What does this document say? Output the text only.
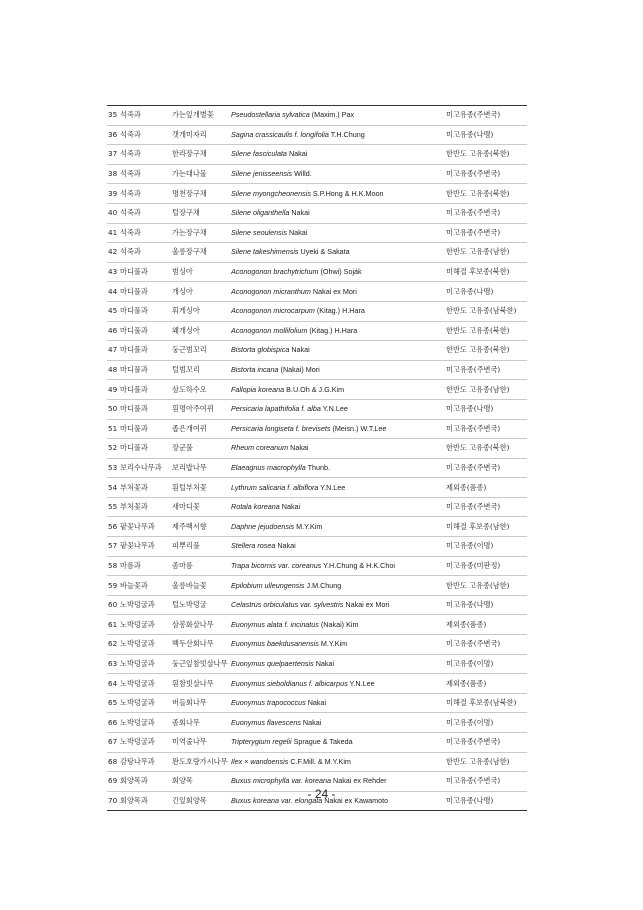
35	석죽과	가는잎개별꽃	Pseudostellaria sylvatica (Maxim.) Pax	미고유종(주변국)
36	석죽과	갯개미자리	Sagina crassicaulis f. longifolia T.H.Chung	미고유종(나맹)
37	석죽과	한라장구채	Silene fasciculata Nakai	한반도 고유종(북한)
38	석죽과	가는대나물	Silene jenisseensis Willd.	미고유종(주변국)
39	석죽과	명천장구채	Silene myongcheonensis S.P.Hong & H.K.Moon	한반도 고유종(북한)
40	석죽과	털장구채	Silene oliganthella Nakai	미고유종(주변국)
41	석죽과	가는장구채	Silene seoulensis Nakai	미고유종(주변국)
42	석죽과	울릉장구채	Silene takeshimensis Uyeki & Sakata	한반도 고유종(남한)
43	마디풀과	범싱아	Aconogonon brachytrichum (Ohwi) Soják	미해결 후보종(북한)
44	마디풀과	개싱아	Aconogonon micranthum Nakai ex Mori	미고유종(나맹)
45	마디풀과	휘게싱아	Aconogonon microcarpum (Kitag.) H.Hara	한반도 고유종(남북한)
46	마디풀과	왜개싱아	Aconogonon mollifolium (Kitag.) H.Hara	한반도 고유종(북한)
47	마디풀과	둥근범꼬리	Bistorta globispica Nakai	한반도 고유종(북한)
48	마디풀과	털범꼬리	Bistorta incana (Nakai) Mori	미고유종(주변국)
49	마디풀과	삼도하수오	Fallopia koreana B.U.Oh & J.G.Kim	한반도 고유종(남한)
50	마디풀과	흰명아주여뀌	Persicaria lapathifolia f. alba Y.N.Lee	미고유종(나맹)
51	마디풀과	좁은개여뀌	Persicaria longiseta f. brevisets (Meisn.) W.T.Lee	미고유종(주변국)
52	마디풀과	장군풀	Rheum coreanum Nakai	한반도 고유종(북한)
53	보리수나무과	보리밥나무	Elaeagnus macrophylla Thunb.	미고유종(주변국)
54	부처꽃과	흰털부처꽃	Lythrum salicaria f. albiflora Y.N.Lee	제외종(품종)
55	부처꽃과	새마디꽃	Rotala koreana Nakai	미고유종(주변국)
56	팥꽃나무과	제주백서향	Daphne jejudoensis M.Y.Kim	미해결 후보종(남한)
57	팥꽃나무과	피뿌리풀	Stellera rosea Nakai	미고유종(이명)
58	마름과	좀마름	Trapa bicornis var. coreanus Y.H.Chung & H.K.Choi	미고유종(미판정)
59	바늘꽃과	울릉바늘꽃	Epilobium ulleungensis J.M.Chung	한반도 고유종(남한)
60	노박덩굴과	털노박덩굴	Celastrus orbiculatus var. sylvestris Nakai ex Mori	미고유종(나맹)
61	노박덩굴과	삼봉화살나무	Euonymus alata f. incinatus (Nakai) Kim	제외종(품종)
62	노박덩굴과	백두산회나무	Euonymus baekdusanensis M.Y.Kim	미고유종(주변국)
63	노박덩굴과	둥근잎참빗살나무	Euonymus quelpaertensis Nakai	미고유종(이명)
64	노박덩굴과	흰참빗살나무	Euonymus sieboldianus f. albicarpus Y.N.Lee	제외종(품종)
65	노박덩굴과	버들회나무	Euonymus trapococcus Nakai	미해결 후보종(남북한)
66	노박덩굴과	좀회나무	Euonymus flavescens Nakai	미고유종(이명)
67	노박덩굴과	미역줄나무	Tripterygium regelii Sprague & Takeda	미고유종(주변국)
68	감탕나무과	완도호랑가시나무	Ilex × wandoensis C.F.Mill. & M.Y.Kim	한반도 고유종(남한)
69	회양목과	회양목	Buxus microphylla var. koreana Nakai ex Rehder	미고유종(주변국)
70	회양목과	긴잎회양목	Buxus koreana var. elongata Nakai ex Kawamoto	미고유종(나맹)
- 24 -
